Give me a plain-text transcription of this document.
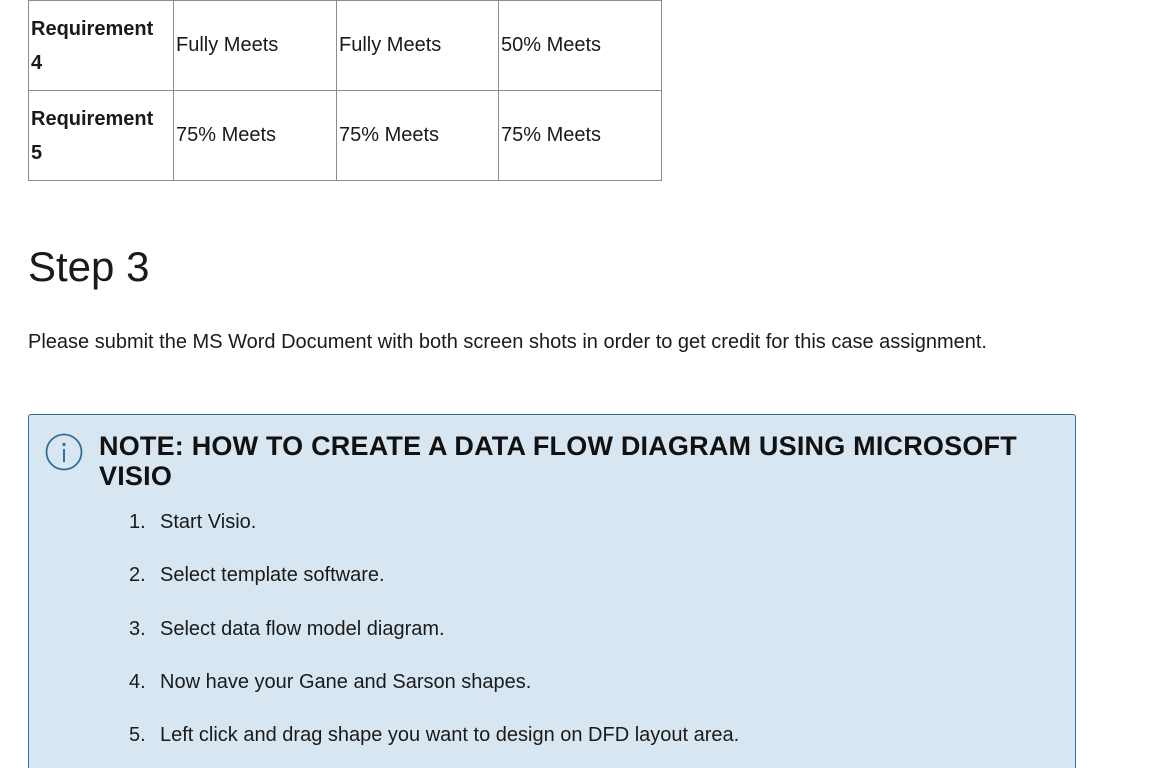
Requirement
4	Fully Meets	Fully Meets	50% Meets
Requirement
5	75% Meets	75% Meets	75% Meets
Step 3

Please submit the MS Word Document with both screen shots in order to get credit for this case assignment.

NOTE: HOW TO CREATE A DATA FLOW DIAGRAM USING MICROSOFT VISIO
1. Start Visio.
2. Select template software.
3. Select data flow model diagram.
4. Now have your Gane and Sarson shapes.
5. Left click and drag shape you want to design on DFD layout area.
